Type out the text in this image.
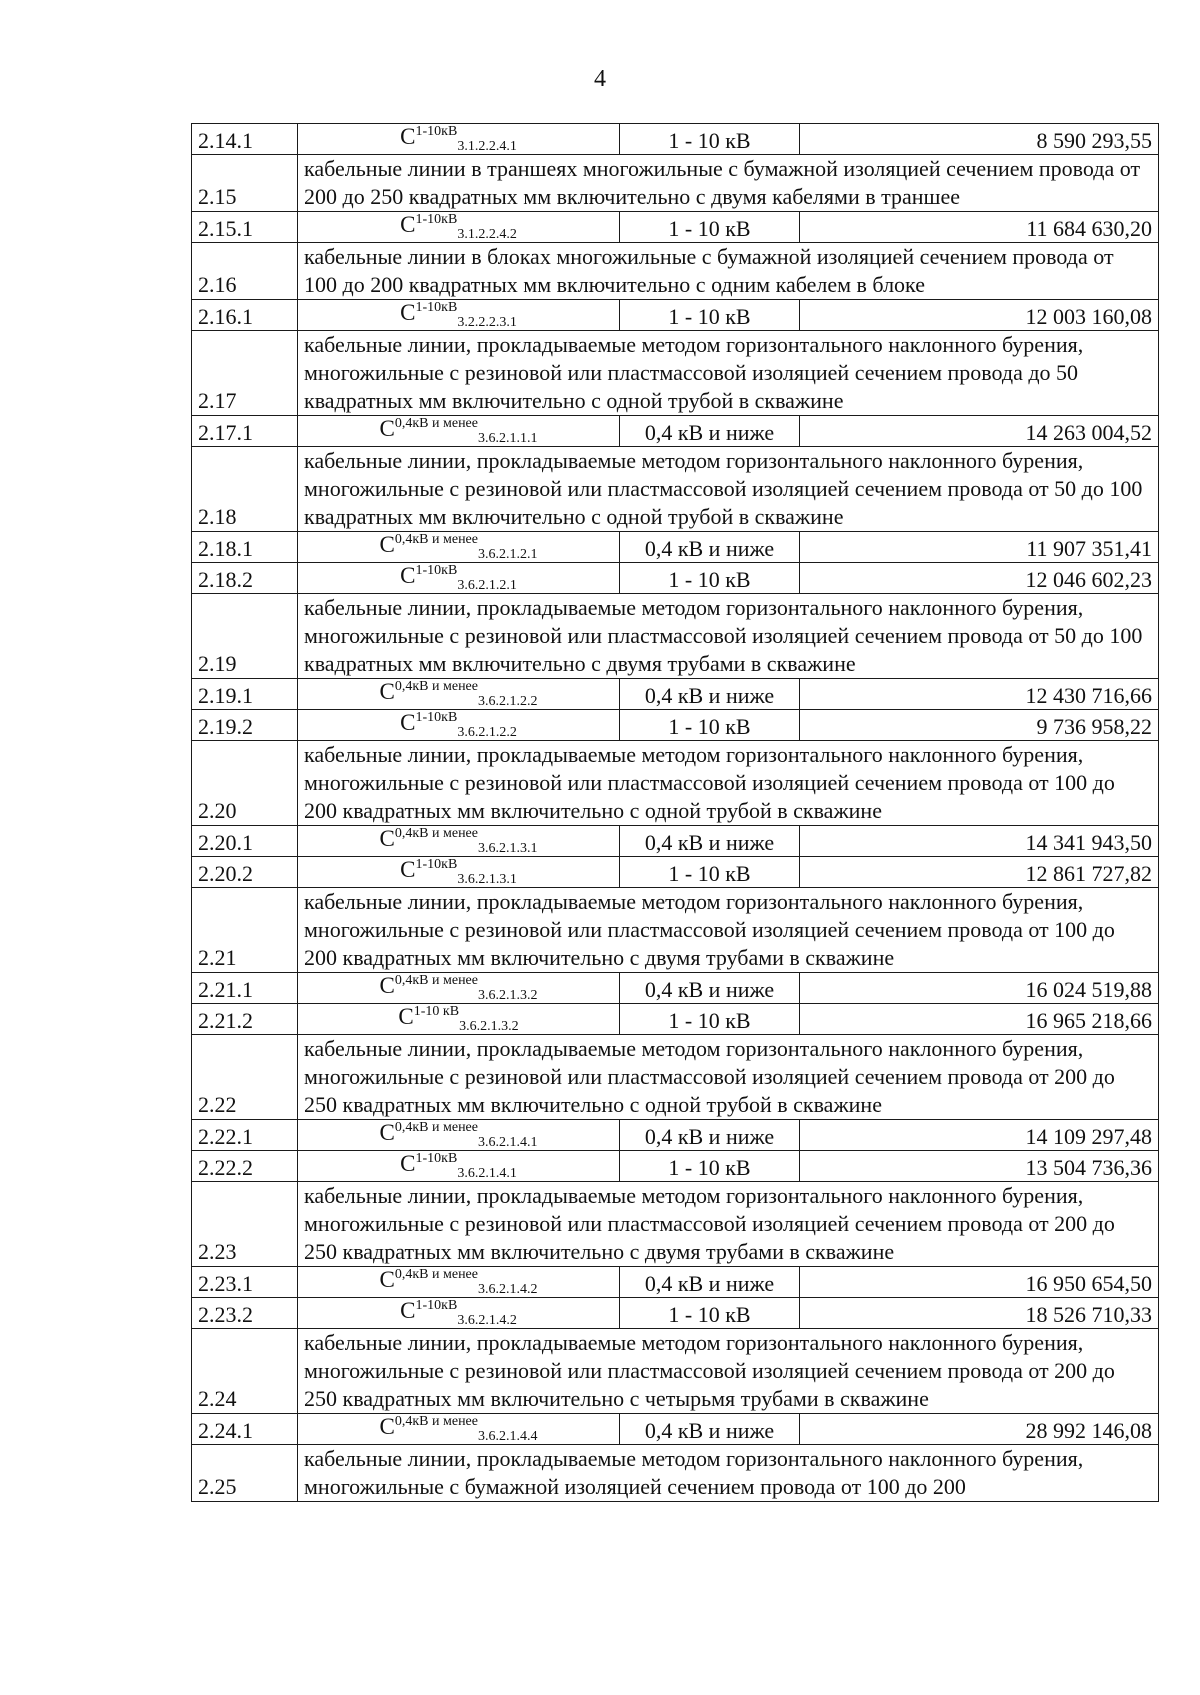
4
2.14.1	$С^{1-10кВ}_{3.1.2.2.4.1}$	1 - 10 кВ	8 590 293,55
2.15	кабельные линии в траншеях многожильные с бумажной изоляцией сечением провода от 200 до 250 квадратных мм включительно с двумя кабелями в траншее		
2.15.1	$С^{1-10кВ}_{3.1.2.2.4.2}$	1 - 10 кВ	11 684 630,20
2.16	кабельные линии в блоках многожильные с бумажной изоляцией сечением провода от 100 до 200 квадратных мм включительно с одним кабелем в блоке		
2.16.1	$С^{1-10кВ}_{3.2.2.2.3.1}$	1 - 10 кВ	12 003 160,08
2.17	кабельные линии, прокладываемые методом горизонтального наклонного бурения, многожильные с резиновой или пластмассовой изоляцией сечением провода до 50 квадратных мм включительно с одной трубой в скважине		
2.17.1	$С^{0,4кВ и менее}_{3.6.2.1.1.1}$	0,4 кВ и ниже	14 263 004,52
2.18	кабельные линии, прокладываемые методом горизонтального наклонного бурения, многожильные с резиновой или пластмассовой изоляцией сечением провода от 50 до 100 квадратных мм включительно с одной трубой в скважине		
2.18.1	$С^{0,4кВ и менее}_{3.6.2.1.2.1}$	0,4 кВ и ниже	11 907 351,41
2.18.2	$С^{1-10кВ}_{3.6.2.1.2.1}$	1 - 10 кВ	12 046 602,23
2.19	кабельные линии, прокладываемые методом горизонтального наклонного бурения, многожильные с резиновой или пластмассовой изоляцией сечением провода от 50 до 100 квадратных мм включительно с двумя трубами в скважине		
2.19.1	$С^{0,4кВ и менее}_{3.6.2.1.2.2}$	0,4 кВ и ниже	12 430 716,66
2.19.2	$С^{1-10кВ}_{3.6.2.1.2.2}$	1 - 10 кВ	9 736 958,22
2.20	кабельные линии, прокладываемые методом горизонтального наклонного бурения, многожильные с резиновой или пластмассовой изоляцией сечением провода от 100 до 200 квадратных мм включительно с одной трубой в скважине		
2.20.1	$С^{0,4кВ и менее}_{3.6.2.1.3.1}$	0,4 кВ и ниже	14 341 943,50
2.20.2	$С^{1-10кВ}_{3.6.2.1.3.1}$	1 - 10 кВ	12 861 727,82
2.21	кабельные линии, прокладываемые методом горизонтального наклонного бурения, многожильные с резиновой или пластмассовой изоляцией сечением провода от 100 до 200 квадратных мм включительно с двумя трубами в скважине		
2.21.1	$С^{0,4кВ и менее}_{3.6.2.1.3.2}$	0,4 кВ и ниже	16 024 519,88
2.21.2	$С^{1-10 кВ}_{3.6.2.1.3.2}$	1 - 10 кВ	16 965 218,66
2.22	кабельные линии, прокладываемые методом горизонтального наклонного бурения, многожильные с резиновой или пластмассовой изоляцией сечением провода от 200 до 250 квадратных мм включительно с одной трубой в скважине		
2.22.1	$С^{0,4кВ и менее}_{3.6.2.1.4.1}$	0,4 кВ и ниже	14 109 297,48
2.22.2	$С^{1-10кВ}_{3.6.2.1.4.1}$	1 - 10 кВ	13 504 736,36
2.23	кабельные линии, прокладываемые методом горизонтального наклонного бурения, многожильные с резиновой или пластмассовой изоляцией сечением провода от 200 до 250 квадратных мм включительно с двумя трубами в скважине		
2.23.1	$С^{0,4кВ и менее}_{3.6.2.1.4.2}$	0,4 кВ и ниже	16 950 654,50
2.23.2	$С^{1-10кВ}_{3.6.2.1.4.2}$	1 - 10 кВ	18 526 710,33
2.24	кабельные линии, прокладываемые методом горизонтального наклонного бурения, многожильные с резиновой или пластмассовой изоляцией сечением провода от 200 до 250 квадратных мм включительно с четырьмя трубами в скважине		
2.24.1	$С^{0,4кВ и менее}_{3.6.2.1.4.4}$	0,4 кВ и ниже	28 992 146,08
2.25	кабельные линии, прокладываемые методом горизонтального наклонного бурения, многожильные с бумажной изоляцией сечением провода от 100 до 200		
